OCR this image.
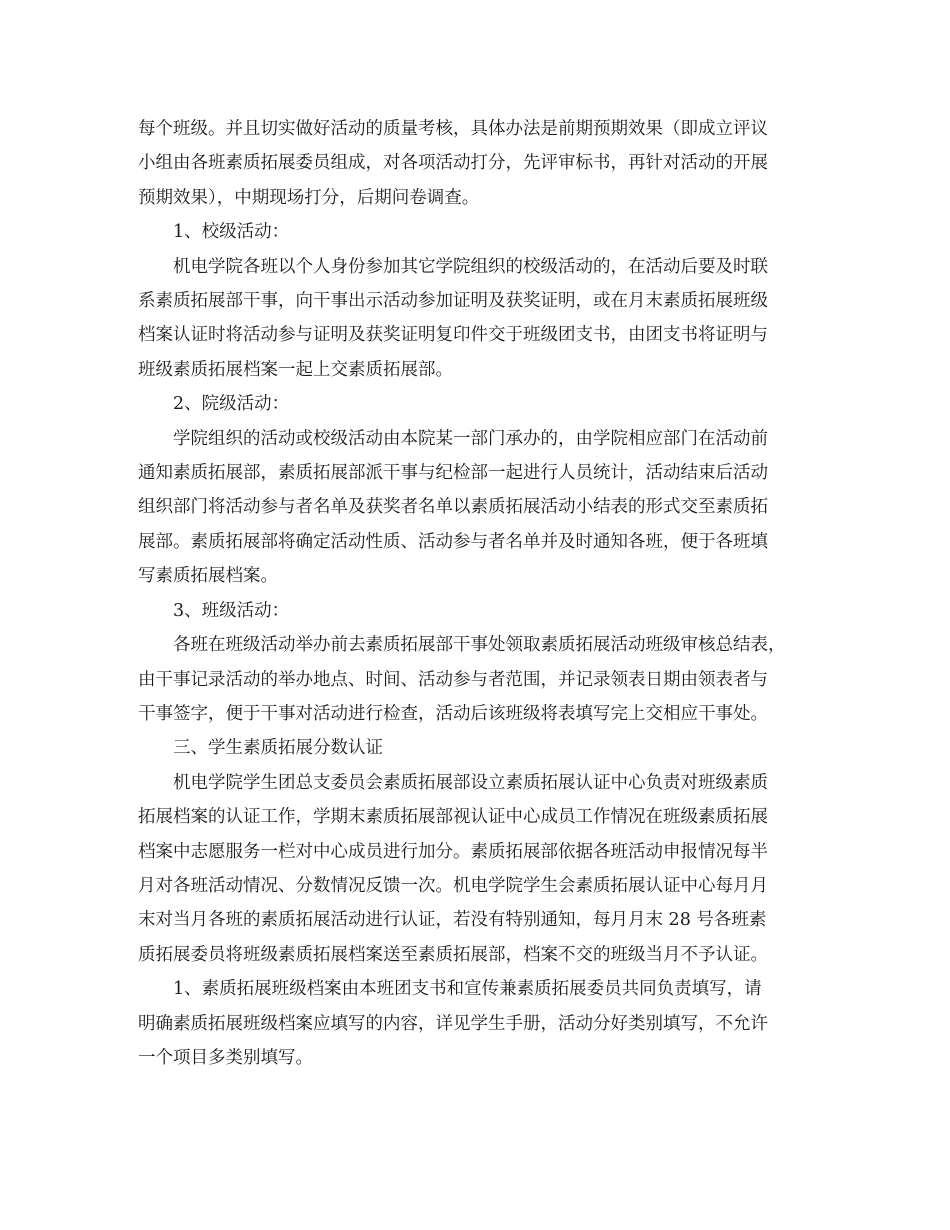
每个班级。并且切实做好活动的质量考核，具体办法是前期预期效果（即成立评议
小组由各班素质拓展委员组成，对各项活动打分，先评审标书，再针对活动的开展
预期效果），中期现场打分，后期问卷调查。

1、校级活动：

机电学院各班以个人身份参加其它学院组织的校级活动的，在活动后要及时联
系素质拓展部干事，向干事出示活动参加证明及获奖证明，或在月末素质拓展班级
档案认证时将活动参与证明及获奖证明复印件交于班级团支书，由团支书将证明与
班级素质拓展档案一起上交素质拓展部。

2、院级活动：

学院组织的活动或校级活动由本院某一部门承办的，由学院相应部门在活动前
通知素质拓展部，素质拓展部派干事与纪检部一起进行人员统计，活动结束后活动
组织部门将活动参与者名单及获奖者名单以素质拓展活动小结表的形式交至素质拓
展部。素质拓展部将确定活动性质、活动参与者名单并及时通知各班，便于各班填
写素质拓展档案。

3、班级活动：

各班在班级活动举办前去素质拓展部干事处领取素质拓展活动班级审核总结表，
由干事记录活动的举办地点、时间、活动参与者范围，并记录领表日期由领表者与
干事签字，便于干事对活动进行检查，活动后该班级将表填写完上交相应干事处。

三、学生素质拓展分数认证

机电学院学生团总支委员会素质拓展部设立素质拓展认证中心负责对班级素质
拓展档案的认证工作，学期末素质拓展部视认证中心成员工作情况在班级素质拓展
档案中志愿服务一栏对中心成员进行加分。素质拓展部依据各班活动申报情况每半
月对各班活动情况、分数情况反馈一次。机电学院学生会素质拓展认证中心每月月
末对当月各班的素质拓展活动进行认证，若没有特别通知，每月月末 28 号各班素
质拓展委员将班级素质拓展档案送至素质拓展部，档案不交的班级当月不予认证。

1、素质拓展班级档案由本班团支书和宣传兼素质拓展委员共同负责填写，请
明确素质拓展班级档案应填写的内容，详见学生手册，活动分好类别填写，不允许
一个项目多类别填写。
